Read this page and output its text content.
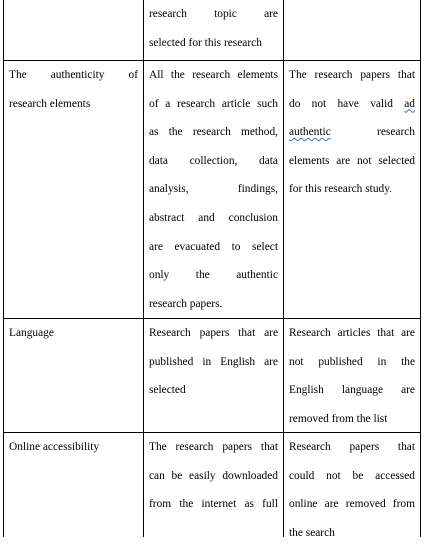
research topic are
selected for this research
The authenticity of
research elements
All the research elements
of a research article such
as the research method,
data collection, data
analysis, findings,
abstract and conclusion
are evacuated to select
only the authentic
research papers.
The research papers that
do not have valid ad
authentic research
elements are not selected
for this research study.
Language	Research papers that are
published in English are
selected
Research articles that are
not published in the
English language are
removed from the list
Online accessibility	The research papers that
can be easily downloaded
from the internet as full
Research papers that
could not be accessed
online are removed from
the search
